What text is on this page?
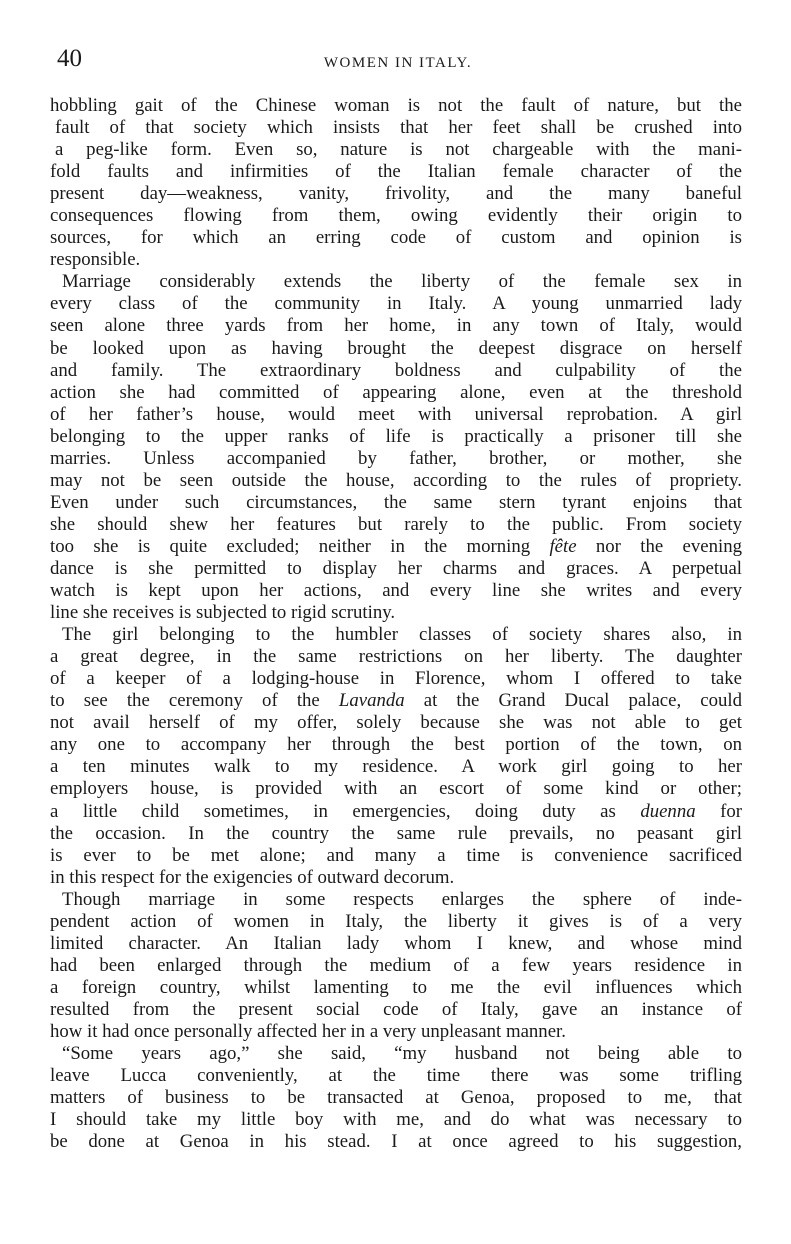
40	WOMEN IN ITALY.
hobbling gait of the Chinese woman is not the fault of nature, but the
fault of that society which insists that her feet shall be crushed into
a peg-like form. Even so, nature is not chargeable with the mani-
fold faults and infirmities of the Italian female character of the
present day—weakness, vanity, frivolity, and the many baneful
consequences flowing from them, owing evidently their origin to
sources, for which an erring code of custom and opinion is
responsible.
Marriage considerably extends the liberty of the female sex in
every class of the community in Italy. A young unmarried lady
seen alone three yards from her home, in any town of Italy, would
be looked upon as having brought the deepest disgrace on herself
and family. The extraordinary boldness and culpability of the
action she had committed of appearing alone, even at the threshold
of her father’s house, would meet with universal reprobation. A girl
belonging to the upper ranks of life is practically a prisoner till she
marries. Unless accompanied by father, brother, or mother, she
may not be seen outside the house, according to the rules of propriety.
Even under such circumstances, the same stern tyrant enjoins that
she should shew her features but rarely to the public. From society
too she is quite excluded; neither in the morning fête nor the evening
dance is she permitted to display her charms and graces. A perpetual
watch is kept upon her actions, and every line she writes and every
line she receives is subjected to rigid scrutiny.
The girl belonging to the humbler classes of society shares also, in
a great degree, in the same restrictions on her liberty. The daughter
of a keeper of a lodging-house in Florence, whom I offered to take
to see the ceremony of the Lavanda at the Grand Ducal palace, could
not avail herself of my offer, solely because she was not able to get
any one to accompany her through the best portion of the town, on
a ten minutes walk to my residence. A work girl going to her
employers house, is provided with an escort of some kind or other;
a little child sometimes, in emergencies, doing duty as duenna for
the occasion. In the country the same rule prevails, no peasant girl
is ever to be met alone; and many a time is convenience sacrificed
in this respect for the exigencies of outward decorum.
Though marriage in some respects enlarges the sphere of inde-
pendent action of women in Italy, the liberty it gives is of a very
limited character. An Italian lady whom I knew, and whose mind
had been enlarged through the medium of a few years residence in
a foreign country, whilst lamenting to me the evil influences which
resulted from the present social code of Italy, gave an instance of
how it had once personally affected her in a very unpleasant manner.
“Some years ago,” she said, “my husband not being able to
leave Lucca conveniently, at the time there was some trifling
matters of business to be transacted at Genoa, proposed to me, that
I should take my little boy with me, and do what was necessary to
be done at Genoa in his stead. I at once agreed to his suggestion,
